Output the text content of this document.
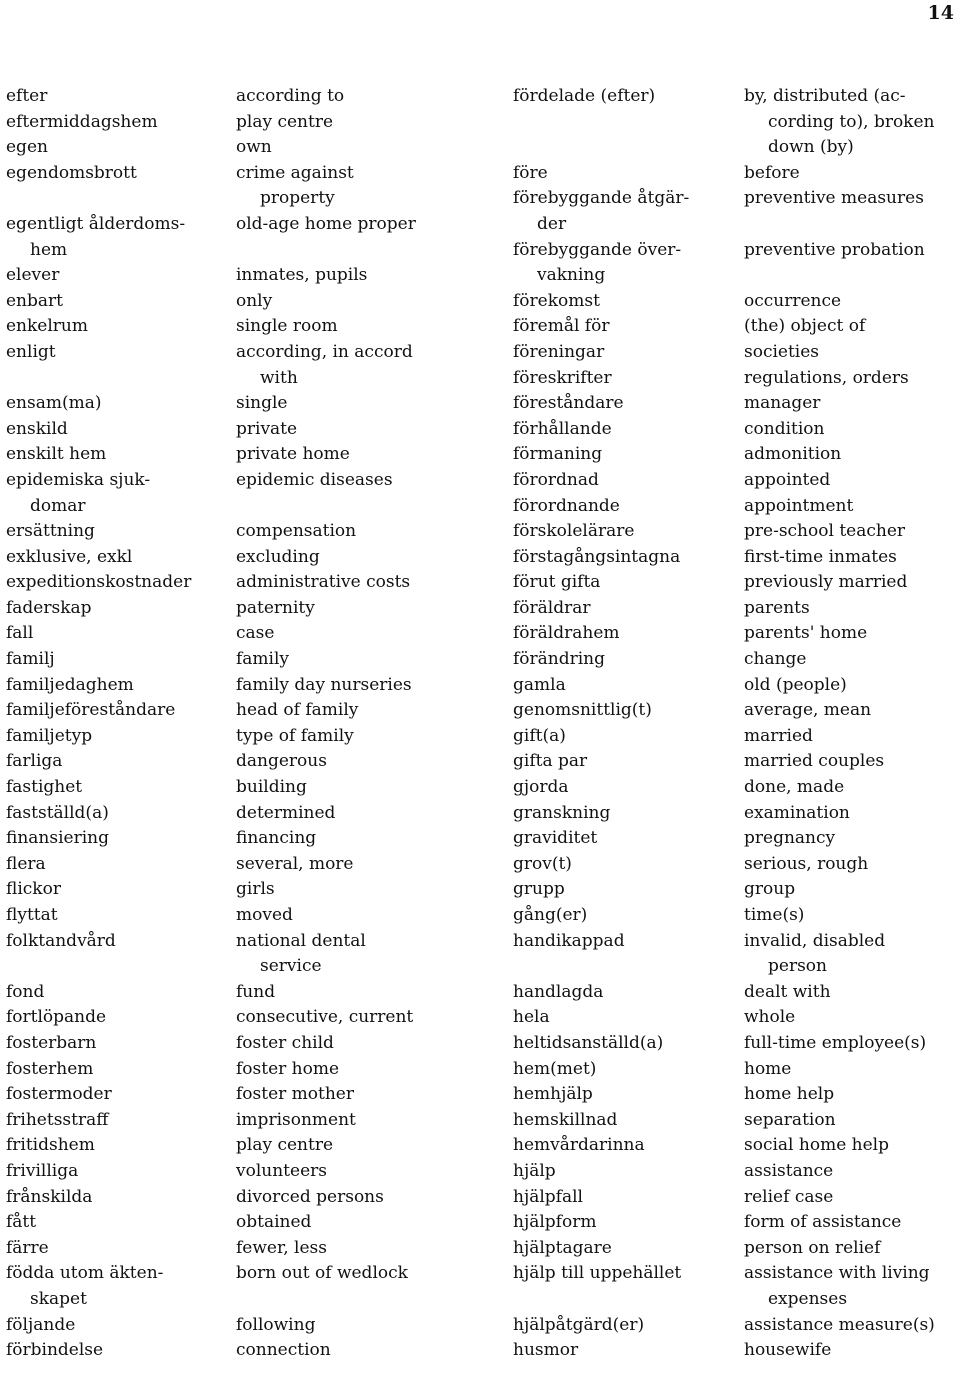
14
efter
eftermiddagshem
egen
egendomsbrott

egentligt ålderdoms-
hem
elever
enbart
enkelrum
enligt

ensam(ma)
enskild
enskilt hem
epidemiska sjuk-
domar
ersättning
exklusive, exkl
expeditionskostnader
faderskap
fall
familj
familjedaghem
familjeföreståndare
familjetyp
farliga
fastighet
fastställd(a)
finansiering
flera
flickor
flyttat
folktandvård

fond
fortlöpande
fosterbarn
fosterhem
fostermoder
frihetsstraff
fritidshem
frivilliga
frånskilda
fått
färre
födda utom äkten-
skapet
följande
förbindelse
according to
play centre
own
crime against
property
old-age home proper

inmates, pupils
only
single room
according, in accord
with
single
private
private home
epidemic diseases

compensation
excluding
administrative costs
paternity
case
family
family day nurseries
head of family
type of family
dangerous
building
determined
financing
several, more
girls
moved
national dental
service
fund
consecutive, current
foster child
foster home
foster mother
imprisonment
play centre
volunteers
divorced persons
obtained
fewer, less
born out of wedlock

following
connection
fördelade (efter)

före
förebyggande åtgär-
der
förebyggande över-
vakning
förekomst
föremål för
föreningar
föreskrifter
föreståndare
förhållande
förmaning
förordnad
förordnande
förskolelärare
förstagångsintagna
förut gifta
föräldrar
föräldrahem
förändring
gamla
genomsnittlig(t)
gift(a)
gifta par
gjorda
granskning
graviditet
grov(t)
grupp
gång(er)
handikappad

handlagda
hela
heltidsanställd(a)
hem(met)
hemhjälp
hemskillnad
hemvårdarinna
hjälp
hjälpfall
hjälpform
hjälptagare
hjälp till uppehället

hjälpåtgärd(er)
husmor
by, distributed (ac-
cording to), broken
down (by)
before
preventive measures

preventive probation

occurrence
(the) object of
societies
regulations, orders
manager
condition
admonition
appointed
appointment
pre-school teacher
first-time inmates
previously married
parents
parents' home
change
old (people)
average, mean
married
married couples
done, made
examination
pregnancy
serious, rough
group
time(s)
invalid, disabled
person
dealt with
whole
full-time employee(s)
home
home help
separation
social home help
assistance
relief case
form of assistance
person on relief
assistance with living
expenses
assistance measure(s)
housewife
